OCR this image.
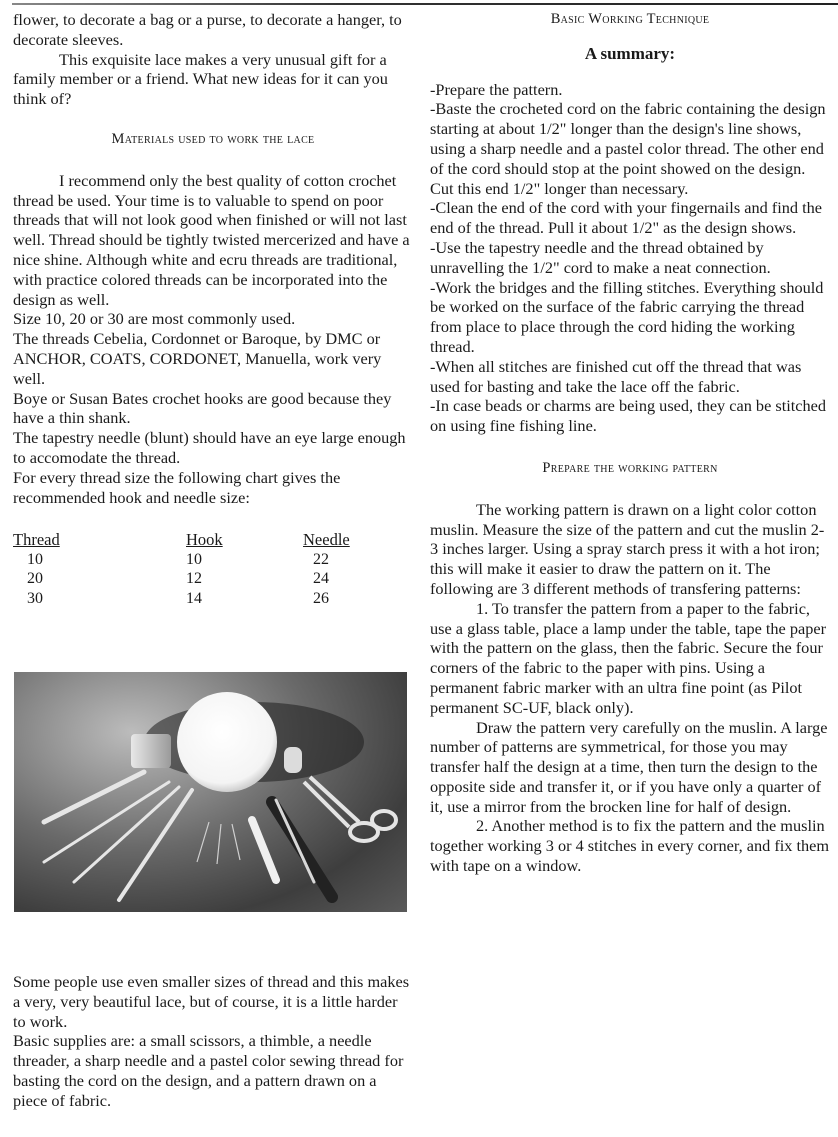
flower, to decorate a bag or a purse, to decorate a hanger, to decorate sleeves.

This exquisite lace makes a very unusual gift for a family member or a friend. What new ideas for it can you think of?

Materials used to work the lace

I recommend only the best quality of cotton crochet thread be used. Your time is to valuable to spend on poor threads that will not look good when finished or will not last well. Thread should be tightly twisted mercerized and have a nice shine. Although white and ecru threads are traditional, with practice colored threads can be incorporated into the design as well.

Size 10, 20 or 30 are most commonly used.

The threads Cebelia, Cordonnet or Baroque, by DMC or ANCHOR, COATS, CORDONET, Manuella, work very well.

Boye or Susan Bates crochet hooks are good because they have a thin shank.

The tapestry needle (blunt) should have an eye large enough to accomodate the thread.

For every thread size the following chart gives the recommended hook and needle size:

Thread	Hook	Needle
10	10	22
20	12	24
30	14	26

Some people use even smaller sizes of thread and this makes a very, very beautiful lace, but of course, it is a little harder to work.

Basic supplies are: a small scissors, a thimble, a needle threader, a sharp needle and a pastel color sewing thread for basting the cord on the design, and a pattern drawn on a piece of fabric.

Basic Working Technique

A summary:

-Prepare the pattern.

-Baste the crocheted cord on the fabric containing the design starting at about 1/2" longer than the design's line shows, using a sharp needle and a pastel color thread. The other end of the cord should stop at the point showed on the design. Cut this end 1/2" longer than necessary.

-Clean the end of the cord with your fingernails and find the end of the thread. Pull it about 1/2" as the design shows.

-Use the tapestry needle and the thread obtained by unravelling the 1/2" cord to make a neat connection.

-Work the bridges and the filling stitches. Everything should be worked on the surface of the fabric carrying the thread from place to place through the cord hiding the working thread.

-When all stitches are finished cut off the thread that was used for basting and take the lace off the fabric.

-In case beads or charms are being used, they can be stitched on using fine fishing line.

Prepare the working pattern

The working pattern is drawn on a light color cotton muslin. Measure the size of the pattern and cut the muslin 2-3 inches larger. Using a spray starch press it with a hot iron; this will make it easier to draw the pattern on it. The following are 3 different methods of transfering patterns:

1. To transfer the pattern from a paper to the fabric, use a glass table, place a lamp under the table, tape the paper with the pattern on the glass, then the fabric. Secure the four corners of the fabric to the paper with pins. Using a permanent fabric marker with an ultra fine point (as Pilot permanent SC-UF, black only).

Draw the pattern very carefully on the muslin. A large number of patterns are symmetrical, for those you may transfer half the design at a time, then turn the design to the opposite side and transfer it, or if you have only a quarter of it, use a mirror from the brocken line for half of design.

2. Another method is to fix the pattern and the muslin together working 3 or 4 stitches in every corner, and fix them with tape on a window.
